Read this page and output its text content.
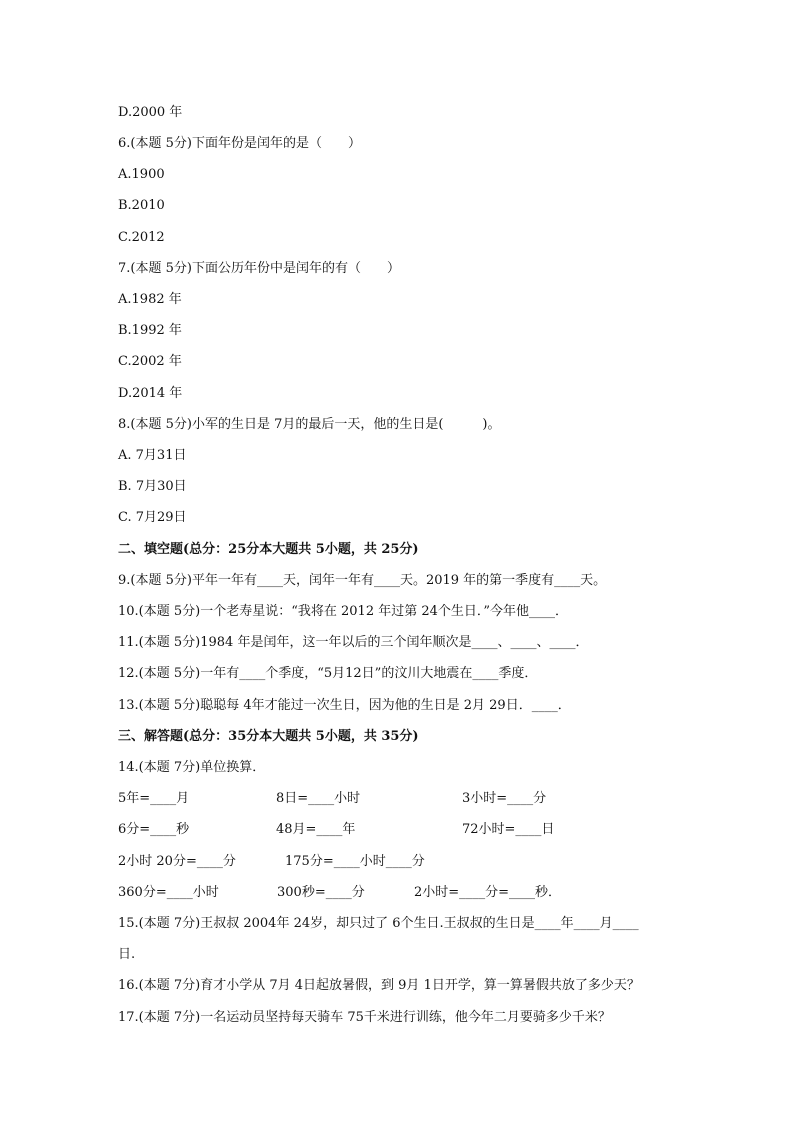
D.2000 年
6.(本题 5分)下面年份是闰年的是（　　）
A.1900
B.2010
C.2012
7.(本题 5分)下面公历年份中是闰年的有（　　）
A.1982 年
B.1992 年
C.2002 年
D.2014 年
8.(本题 5分)小军的生日是 7月的最后一天，他的生日是(　　　)。
A. 7月31日
B. 7月30日
C. 7月29日
二、填空题(总分：25分本大题共 5小题，共 25分)
9.(本题 5分)平年一年有____天，闰年一年有____天。2019 年的第一季度有____天。
10.(本题 5分)一个老寿星说：“我将在 2012 年过第 24个生日．”今年他____．
11.(本题 5分)1984 年是闰年，这一年以后的三个闰年顺次是____、____、____．
12.(本题 5分)一年有____个季度，“5月12日”的汶川大地震在____季度．
13.(本题 5分)聪聪每 4年才能过一次生日，因为他的生日是 2月 29日．____．
三、解答题(总分：35分本大题共 5小题，共 35分)
14.(本题 7分)单位换算．
5年=____月	8日=____小时	3小时=____分
6分=____秒	48月=____年	72小时=____日
2小时 20分=____分	175分=____小时____分
360分=____小时	300秒=____分	2小时=____分=____秒．
15.(本题 7分)王叔叔 2004年 24岁，却只过了 6个生日.王叔叔的生日是____年____月____
日.
16.(本题 7分)育才小学从 7月 4日起放暑假，到 9月 1日开学，算一算暑假共放了多少天？
17.(本题 7分)一名运动员坚持每天骑车 75千米进行训练，他今年二月要骑多少千米？
